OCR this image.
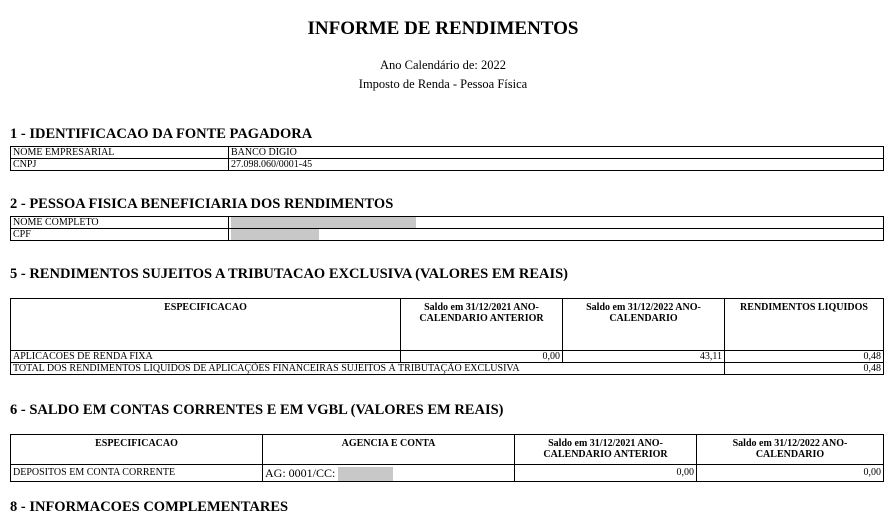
INFORME DE RENDIMENTOS
Ano Calendário de: 2022
Imposto de Renda - Pessoa Física
1 - IDENTIFICACAO DA FONTE PAGADORA
NOME EMPRESARIAL	BANCO DIGIO
CNPJ	27.098.060/0001-45
2 - PESSOA FISICA BENEFICIARIA DOS RENDIMENTOS
NOME COMPLETO	
CPF	
5 - RENDIMENTOS SUJEITOS A TRIBUTACAO EXCLUSIVA (VALORES EM REAIS)
ESPECIFICACAO	Saldo em 31/12/2021 ANO-CALENDARIO ANTERIOR	Saldo em 31/12/2022 ANO-CALENDARIO	RENDIMENTOS LIQUIDOS
APLICACOES DE RENDA FIXA	0,00	43,11	0,48
TOTAL DOS RENDIMENTOS LÍQUIDOS DE APLICAÇÕES FINANCEIRAS SUJEITOS À TRIBUTAÇÃO EXCLUSIVA			0,48
6 - SALDO EM CONTAS CORRENTES E EM VGBL (VALORES EM REAIS)
ESPECIFICACAO	AGENCIA E CONTA	Saldo em 31/12/2021 ANO-CALENDARIO ANTERIOR	Saldo em 31/12/2022 ANO-CALENDARIO
DEPOSITOS EM CONTA CORRENTE	AG: 0001/CC:	0,00	0,00
8 - INFORMACOES COMPLEMENTARES
